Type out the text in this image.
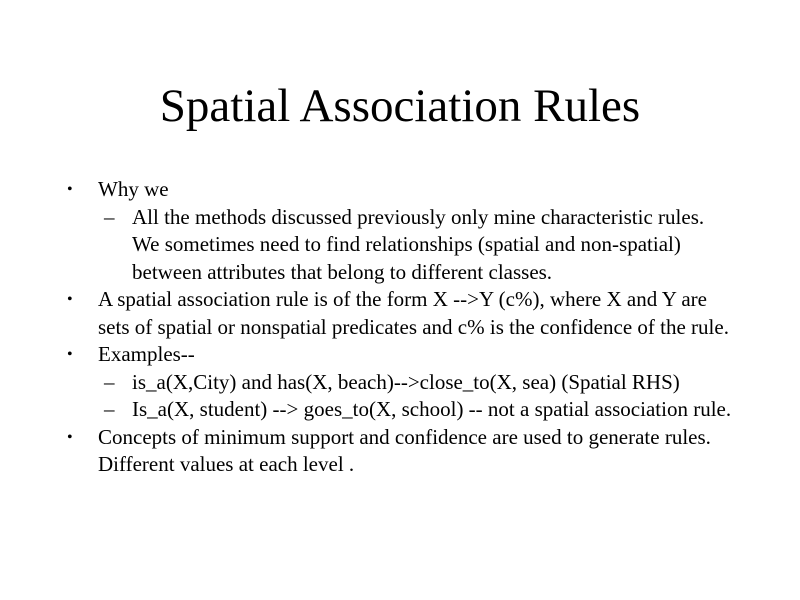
Spatial Association Rules
• Why we
– All the methods discussed previously only mine characteristic rules. We sometimes need to find relationships (spatial and non-spatial) between attributes that belong to different classes.
• A spatial association rule is of the form X -->Y (c%), where X and Y are sets of spatial or nonspatial predicates and c% is the confidence of the rule.
• Examples--
– is_a(X,City) and has(X, beach)-->close_to(X, sea) (Spatial RHS)
– Is_a(X, student) --> goes_to(X, school) -- not a spatial association rule.
• Concepts of minimum support and confidence are used to generate rules. Different values at each level .
